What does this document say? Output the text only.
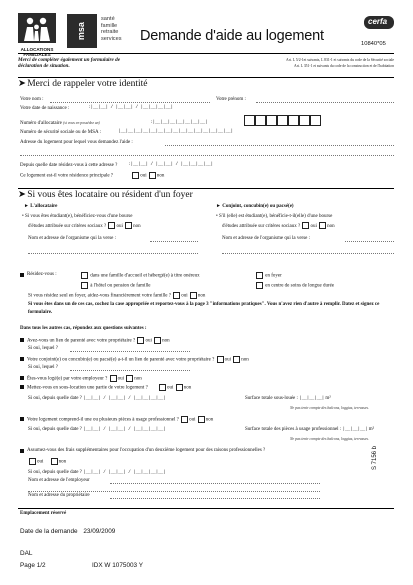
ALLOCATIONS FAMILIALES
msa
santé
famille
retraite
services Demande d'aide au logement
cerfa
10840*05
Merci de compléter également un formulaire de déclaration de situation.
Art. L 5/2-1et suivants, L 831-1 et suivants du code de la Sécurité sociale
Art. L 351-1 et suivants du code de la construction et de l'habitation
➤ Merci de rappeler votre identité
Votre nom :	Votre prénom :
Votre date de naissance :	:|__|__| / |__|__| / |__|__|__|__|
Numéro d'allocataire (si vous en possédez un)	:|__|__|__|__|__|__|__|
Numéro de sécurité sociale ou de MSA :	|__|__|__|__|__|__|__|__|__|__|__|__|__|__|__|
Adresse du logement pour lequel vous demandez l'aide :
Depuis quelle date résidez-vous à cette adresse ? :|__|__| / |__|__| / |__|__|__|__|
Ce logement est-il votre résidence principale ?	oui non
➤ Si vous êtes locataire ou résident d'un foyer
► L'allocataire
• Si vous êtes étudiant(e), bénéficiez-vous d'une bourse
d'études attribuée sur critères sociaux ? oui non
Nom et adresse de l'organisme qui la verse :
► Conjoint, concubin(e) ou pacsé(e)
• S'il (elle) est étudiant(e), bénéficie-t-il(elle) d'une bourse
d'études attribuée sur critères sociaux ? oui non
Nom et adresse de l'organisme qui la verse :
Résidez-vous :	dans une famille d'accueil et hébergé(e) à titre onéreux
à l'hôtel ou pension de famille
en foyer
en centre de soins de longue durée
Si vous résidez seul en foyer, aidez-vous financièrement votre famille ? oui non
Si vous êtes dans un de ces cas, cochez la case appropriée et reportez-vous à la page 3 "informations pratiques". Vous n'avez rien d'autre à remplir. Datez et signez ce formulaire.
Dans tous les autres cas, répondez aux questions suivantes :
Avez-vous un lien de parenté avec votre propriétaire ? oui non
Si oui, lequel ?
Votre conjoint(e) ou concubin(e) ou pacsé(e) a-t-il un lien de parenté avec votre propriétaire ? oui non
Si oui, lequel ?
Êtes-vous logé(e) par votre employeur ? oui non
Mettez-vous en sous-location une partie de votre logement ?	oui non
Si oui, depuis quelle date ? |__|__| / |__|__| / |__|__|__|__|	Surface totale sous-louée : |__|__|__| m²
Ne pas tenir compte des balcons, loggias, terrasses.
Votre logement comprend-il une ou plusieurs pièces à usage professionnel ? oui non
Si oui, depuis quelle date ? |__|__| / |__|__| / |__|__|__|__|	Surface totale des pièces à usage professionnel : |__|__|__| m²
Ne pas tenir compte des balcons, loggias, terrasses.
Assumez-vous des frais supplémentaires pour l'occupation d'un deuxième logement pour des raisons professionnelles ?
oui	non
Si oui, depuis quelle date ? |__|__| / |__|__| / |__|__|__|__|
Nom et adresse de l'employeur
Nom et adresse du propriétaire
S 7156 b
Emplacement réservé
Date de la demande 23/09/2009
DAL
Page 1/2	IDX W 1075003 Y
